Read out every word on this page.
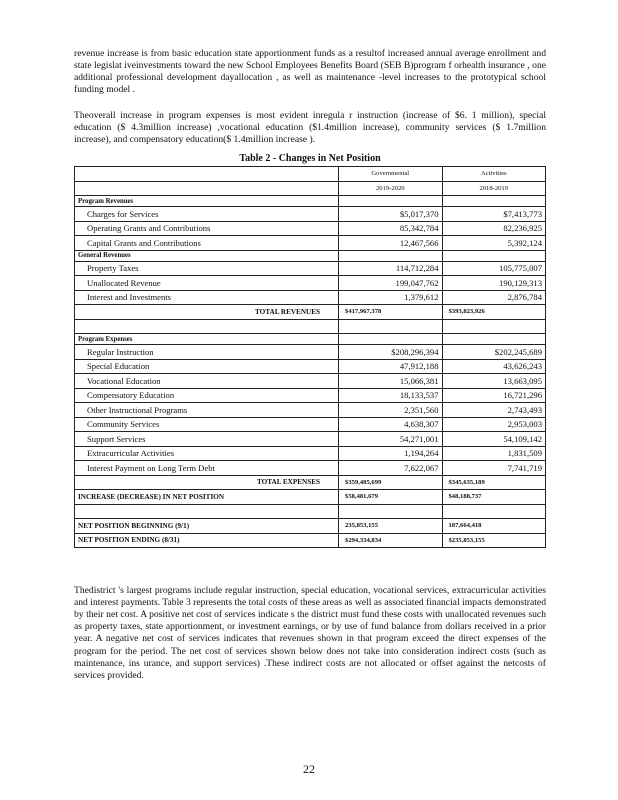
revenue increase is from basic education state apportionment funds as a resultof increased annual average enrollment and state legislat iveinvestments toward the new School Employees Benefits Board (SEB B)program f orhealth insurance , one additional professional development dayallocation , as well as maintenance -level increases to the prototypical school funding model .

Theoverall increase in program expenses is most evident inregula r instruction (increase of $6. 1 million), special education ($ 4.3million increase) ,vocational education ($1.4million increase), community services ($ 1.7million increase), and compensatory education($ 1.4million increase ).

Table 2 - Changes in Net Position
	Governmental	Activities
	2019-2020	2018-2019
Program Revenues		
Charges for Services	$5,017,370	$7,413,773
Operating Grants and Contributions	85,342,784	82,236,925
Capital Grants and Contributions	12,467,566	5,392,124
General Revenues		
Property Taxes	114,712,284	105,775,007
Unallocated Revenue	199,047,762	190,129,313
Interest and Investments	1,379,612	2,876,784
TOTAL REVENUES	$417,967,378	$393,823,926

Program Expenses		
Regular Instruction	$208,296,394	$202,245,689
Special Education	47,912,188	43,626,243
Vocational Education	15,066,381	13,663,095
Compensatory Education	18,133,537	16,721,296
Other Instructional Programs	2,351,560	2,743,493
Community Services	4,638,307	2,953,003
Support Services	54,271,001	54,109,142
Extracurricular Activities	1,194,264	1,831,509
Interest Payment on Long Term Debt	7,622,067	7,741,719
TOTAL EXPENSES	$359,485,699	$345,635,189
INCREASE (DECREASE) IN NET POSITION	$58,481,679	$48,188,737

NET POSITION BEGINNING (9/1)	235,853,155	187,664,418
NET POSITION ENDING (8/31)	$294,334,834	$235,853,155

Thedistrict 's largest programs include regular instruction, special education, vocational services, extracurricular activities and interest payments. Table 3 represents the total costs of these areas as well as associated financial impacts demonstrated by their net cost. A positive net cost of services indicate s the district must fund these costs with unallocated revenues such as property taxes, state apportionment, or investment earnings, or by use of fund balance from dollars received in a prior year. A negative net cost of services indicates that revenues shown in that program exceed the direct expenses of the program for the period. The net cost of services shown below does not take into consideration indirect costs (such as maintenance, ins urance, and support services) .These indirect costs are not allocated or offset against the netcosts of services provided.

22
